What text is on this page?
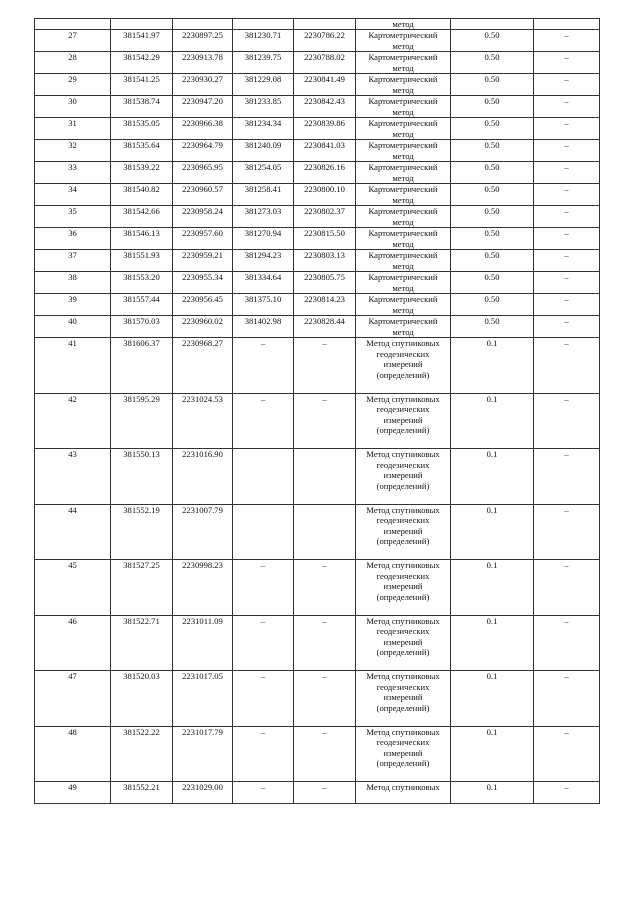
					метод		
27	381541.97	2230897.25	381230.71	2230786.22	Картометрический метод	0.50	–
28	381542.29	2230913.78	381239.75	2230788.02	Картометрический метод	0.50	–
29	381541.25	2230930.27	381229.08	2230841.49	Картометрический метод	0.50	–
30	381538.74	2230947.20	381233.85	2230842.43	Картометрический метод	0.50	–
31	381535.05	2230966.38	381234.34	2230839.86	Картометрический метод	0.50	–
32	381535.64	2230964.79	381240.09	2230841.03	Картометрический метод	0.50	–
33	381539.22	2230965.95	381254.05	2230826.16	Картометрический метод	0.50	–
34	381540.82	2230960.57	381258.41	2230800.10	Картометрический метод	0.50	–
35	381542.66	2230958.24	381273.03	2230802.37	Картометрический метод	0.50	–
36	381546.13	2230957.60	381270.94	2230815.50	Картометрический метод	0.50	–
37	381551.93	2230959.21	381294.23	2230803.13	Картометрический метод	0.50	–
38	381553.20	2230955.34	381334.64	2230805.75	Картометрический метод	0.50	–
39	381557.44	2230956.45	381375.10	2230814.23	Картометрический метод	0.50	–
40	381570.03	2230960.02	381402.98	2230828.44	Картометрический метод	0.50	–
41	381606.37	2230968.27	–	–	Метод спутниковых геодезических измерений (определений)	0.1	–
42	381595.29	2231024.53	–	–	Метод спутниковых геодезических измерений (определений)	0.1	–
43	381550.13	2231016.90			Метод спутниковых геодезических измерений (определений)	0.1	–
44	381552.19	2231007.79			Метод спутниковых геодезических измерений (определений)	0.1	–
45	381527.25	2230998.23	–	–	Метод спутниковых геодезических измерений (определений)	0.1	–
46	381522.71	2231011.09	–	–	Метод спутниковых геодезических измерений (определений)	0.1	–
47	381520.03	2231017.05	–	–	Метод спутниковых геодезических измерений (определений)	0.1	–
48	381522.22	2231017.79	–	–	Метод спутниковых геодезических измерений (определений)	0.1	–
49	381552.21	2231029.00	–	–	Метод спутниковых	0.1	–
